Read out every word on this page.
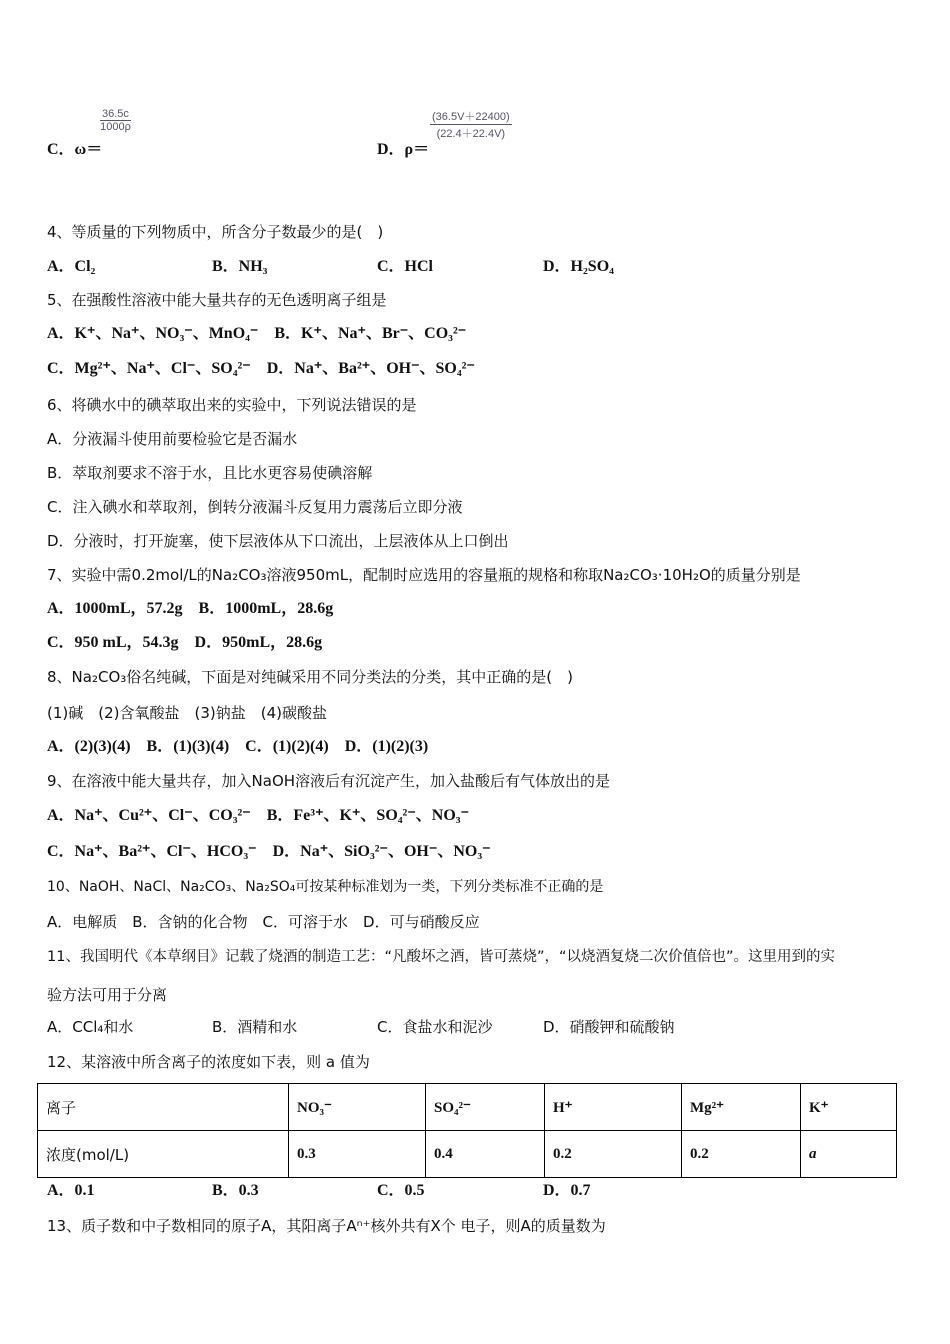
$\frac{36.5c}{1000\rho}$
C．ω＝
$\frac{(36.5V+22400)}{(22.4+22.4V)}$
D．ρ＝
4、等质量的下列物质中，所含分子数最少的是(　)
A．Cl₂	B．NH₃	C．HCl	D．H₂SO₄
5、在强酸性溶液中能大量共存的无色透明离子组是
A．K⁺、Na⁺、NO₃⁻、MnO₄⁻　B．K⁺、Na⁺、Br⁻、CO₃²⁻
C．Mg²⁺、Na⁺、Cl⁻、SO₄²⁻　D．Na⁺、Ba²⁺、OH⁻、SO₄²⁻
6、将碘水中的碘萃取出来的实验中，下列说法错误的是
A．分液漏斗使用前要检验它是否漏水
B．萃取剂要求不溶于水，且比水更容易使碘溶解
C．注入碘水和萃取剂，倒转分液漏斗反复用力震荡后立即分液
D．分液时，打开旋塞，使下层液体从下口流出，上层液体从上口倒出
7、实验中需0.2mol/L的Na₂CO₃溶液950mL，配制时应选用的容量瓶的规格和称取Na₂CO₃·10H₂O的质量分别是
A．1000mL，57.2g　B．1000mL，28.6g
C．950 mL，54.3g　D．950mL，28.6g
8、Na₂CO₃俗名纯碱，下面是对纯碱采用不同分类法的分类，其中正确的是(　)
(1)碱　(2)含氧酸盐　(3)钠盐　(4)碳酸盐
A．(2)(3)(4)　B．(1)(3)(4)　C．(1)(2)(4)　D．(1)(2)(3)
9、在溶液中能大量共存，加入NaOH溶液后有沉淀产生，加入盐酸后有气体放出的是
A．Na⁺、Cu²⁺、Cl⁻、CO₃²⁻　B．Fe³⁺、K⁺、SO₄²⁻、NO₃⁻
C．Na⁺、Ba²⁺、Cl⁻、HCO₃⁻　D．Na⁺、SiO₃²⁻、OH⁻、NO₃⁻
10、NaOH、NaCl、Na₂CO₃、Na₂SO₄可按某种标准划为一类，下列分类标准不正确的是
A．电解质　B．含钠的化合物　C．可溶于水　D．可与硝酸反应
11、我国明代《本草纲目》记载了烧酒的制造工艺：“凡酸坏之酒，皆可蒸烧”，“以烧酒复烧二次价值倍也”。这里用到的实
验方法可用于分离
A．CCl₄和水	B．酒精和水	C．食盐水和泥沙	D．硝酸钾和硫酸钠
12、某溶液中所含离子的浓度如下表，则 a 值为
离子	NO₃⁻	SO₄²⁻	H⁺	Mg²⁺	K⁺
浓度(mol/L)	0.3	0.4	0.2	0.2	a
A．0.1	B．0.3	C．0.5	D．0.7
13、质子数和中子数相同的原子A，其阳离子Aⁿ⁺核外共有X个 电子，则A的质量数为
